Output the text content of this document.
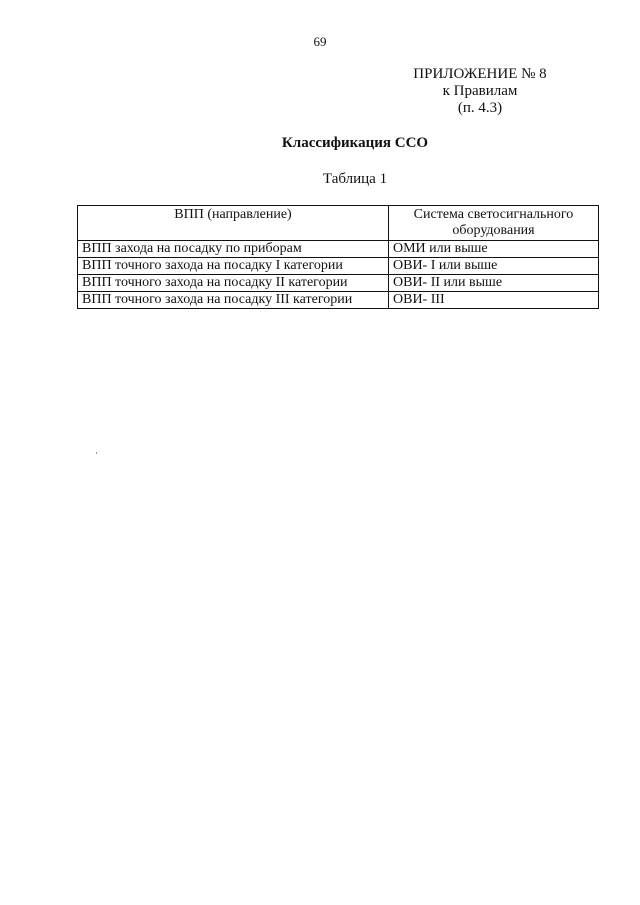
69
ПРИЛОЖЕНИЕ № 8
к Правилам
(п. 4.3)
Классификация ССО
Таблица 1
ВПП (направление)	Система светосигнального оборудования
ВПП захода на посадку по приборам	ОМИ или выше
ВПП точного захода на посадку I категории	ОВИ- I или выше
ВПП точного захода на посадку II категории	ОВИ- II или выше
ВПП точного захода на посадку III категории	ОВИ- III
